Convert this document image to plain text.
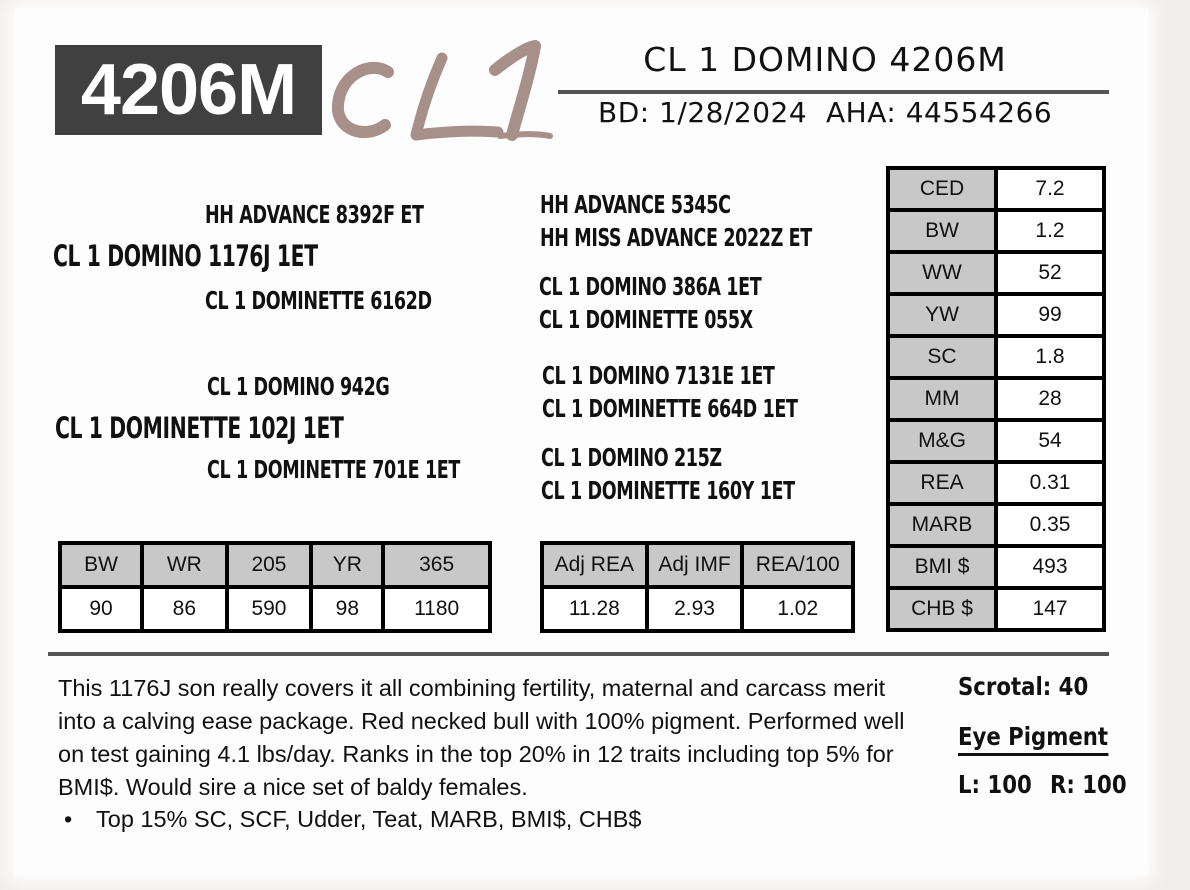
4206M	CL 1 DOMINO 4206M
BD: 1/28/2024 AHA: 44554266
HH ADVANCE 8392F ET
CL 1 DOMINO 1176J 1ET
CL 1 DOMINETTE 6162D
CL 1 DOMINO 942G
CL 1 DOMINETTE 102J 1ET
CL 1 DOMINETTE 701E 1ET
HH ADVANCE 5345C
HH MISS ADVANCE 2022Z ET
CL 1 DOMINO 386A 1ET
CL 1 DOMINETTE 055X
CL 1 DOMINO 7131E 1ET
CL 1 DOMINETTE 664D 1ET
CL 1 DOMINO 215Z
CL 1 DOMINETTE 160Y 1ET
CED	7.2
BW	1.2
WW	52
YW	99
SC	1.8
MM	28
M&G	54
REA	0.31
MARB	0.35
BMI $	493
CHB $	147
BW	WR	205	YR	365
90	86	590	98	1180
Adj REA	Adj IMF	REA/100
11.28	2.93	1.02
This 1176J son really covers it all combining fertility, maternal and carcass merit into a calving ease package. Red necked bull with 100% pigment. Performed well on test gaining 4.1 lbs/day. Ranks in the top 20% in 12 traits including top 5% for BMI$. Would sire a nice set of baldy females.
• Top 15% SC, SCF, Udder, Teat, MARB, BMI$, CHB$
Scrotal: 40
Eye Pigment
L: 100 R: 100
